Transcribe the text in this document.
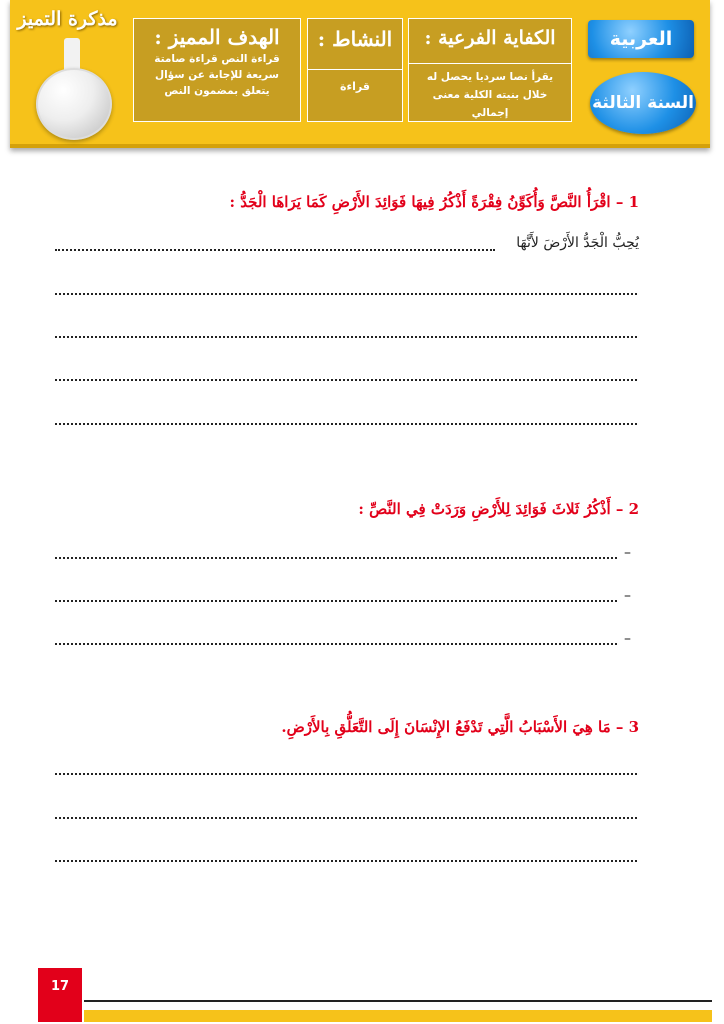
مذكرة التميز
الهدف المميز :
قراءة النص قراءة صامتة سريعة للإجابة عن سؤال يتعلق بمضمون النص
النشاط :
قراءة
الكفاية الفرعية :
يقرأ نصا سرديا يحصل له خلال بنيته الكلية معنى إجمالي
العربية
السنة الثالثة
1 – اقْرَأُ النَّصَّ وَأُكَوِّنُ فِقْرَةً أَذْكُرُ فِيهَا فَوَائِدَ الأَرْضِ كَمَا يَرَاهَا الْجَدُّ :
يُحِبُّ الْجَدُّ الأَرْضَ لأَنَّهَا
2 – أَذْكُرُ ثَلاثَ فَوَائِدَ لِلأَرْضِ وَرَدَتْ فِي النَّصِّ :
–
–
–
3 – مَا هِيَ الأَسْبَابُ الَّتِي تَدْفَعُ الإِنْسَانَ إِلَى التَّعَلُّقِ بِالأَرْضِ.
17
